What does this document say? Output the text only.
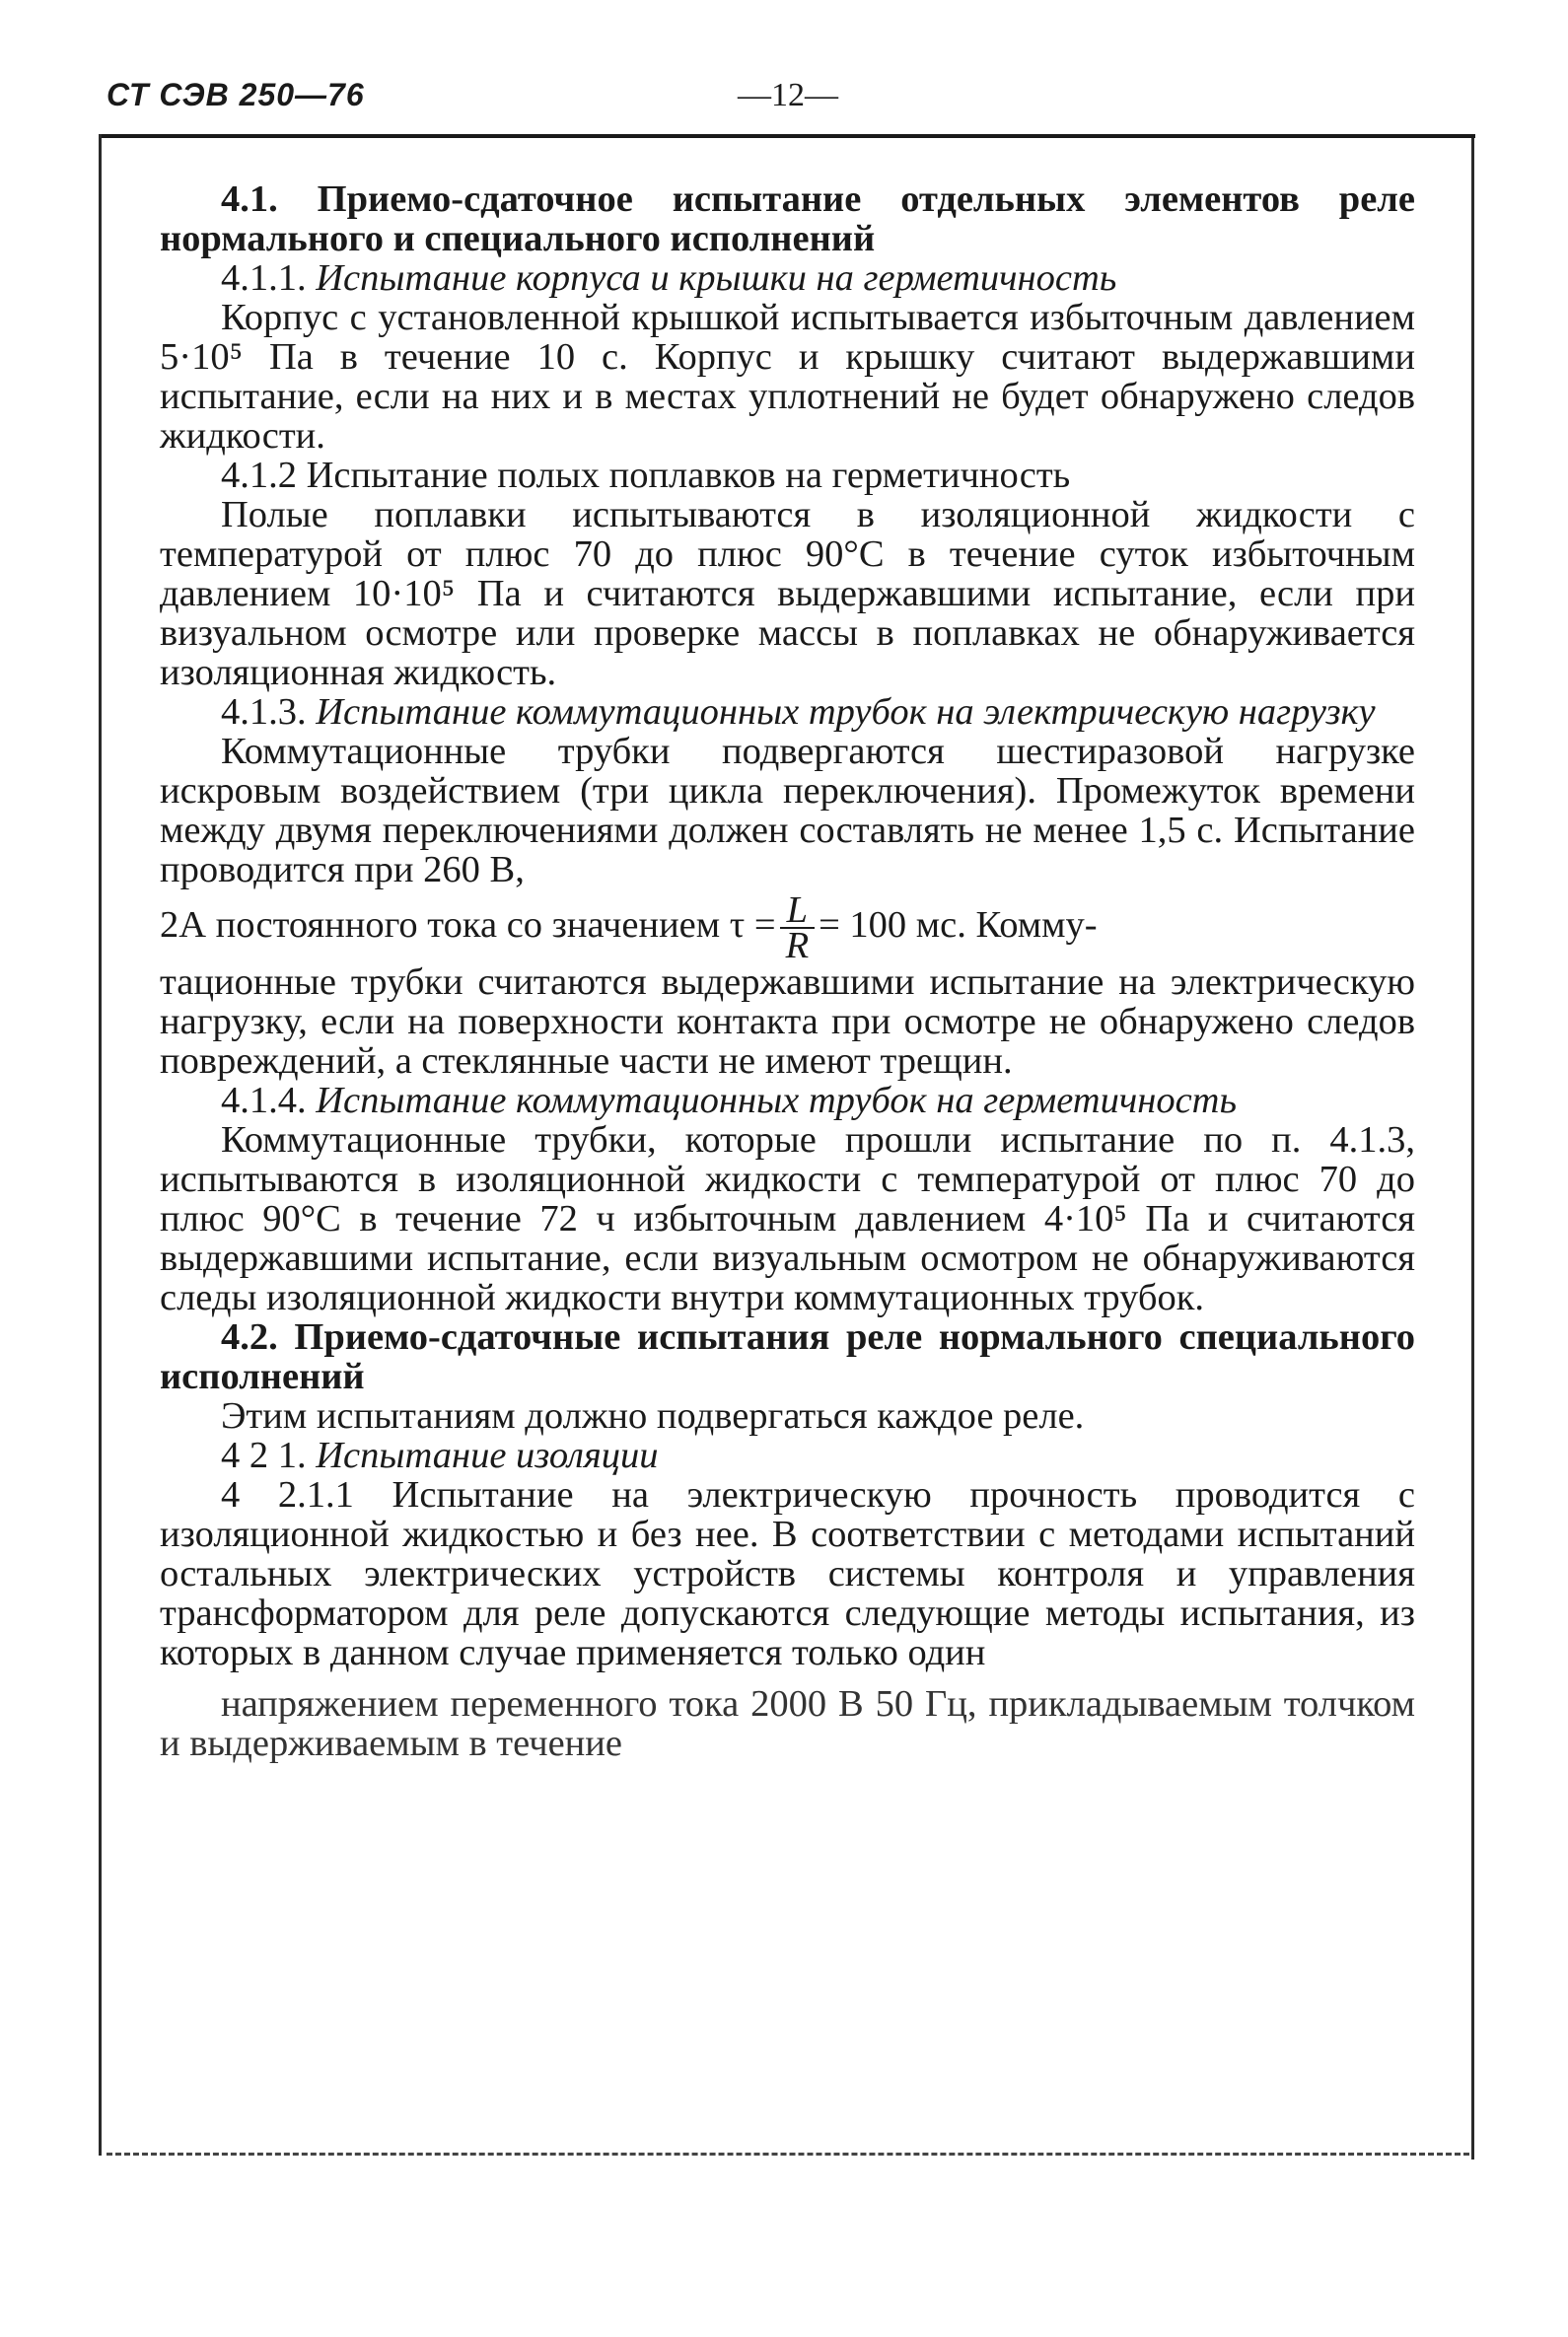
СТ СЭВ 250—76	—12—

4.1. Приемо-сдаточное испытание отдельных элементов реле нормального и специального исполнений

4.1.1. Испытание корпуса и крышки на герметичность

Корпус с установленной крышкой испытывается избыточным давлением 5·10⁵ Па в течение 10 с. Корпус и крышку считают выдержавшими испытание, если на них и в местах уплотнений не будет обнаружено следов жидкости.

4.1.2 Испытание полых поплавков на герметичность

Полые поплавки испытываются в изоляционной жидкости с температурой от плюс 70 до плюс 90°С в течение суток избыточным давлением 10·10⁵ Па и считаются выдержавшими испытание, если при визуальном осмотре или проверке массы в поплавках не обнаруживается изоляционная жидкость.

4.1.3. Испытание коммутационных трубок на электрическую нагрузку

Коммутационные трубки подвергаются шестиразовой нагрузке искровым воздействием (три цикла переключения). Промежуток времени между двумя переключениями должен составлять не менее 1,5 с. Испытание проводится при 260 В,

2А постоянного тока со значением $\tau = \frac{L}{R} = 100$ мс. Комму-

тационные трубки считаются выдержавшими испытание на электрическую нагрузку, если на поверхности контакта при осмотре не обнаружено следов повреждений, а стеклянные части не имеют трещин.

4.1.4. Испытание коммутационных трубок на герметичность

Коммутационные трубки, которые прошли испытание по п. 4.1.3, испытываются в изоляционной жидкости с температурой от плюс 70 до плюс 90°С в течение 72 ч избыточным давлением 4·10⁵ Па и считаются выдержавшими испытание, если визуальным осмотром не обнаруживаются следы изоляционной жидкости внутри коммутационных трубок.

4.2. Приемо-сдаточные испытания реле нормального специального исполнений

Этим испытаниям должно подвергаться каждое реле.

4 2 1. Испытание изоляции

4 2.1.1 Испытание на электрическую прочность проводится с изоляционной жидкостью и без нее. В соответствии с методами испытаний остальных электрических устройств системы контроля и управления трансформатором для реле допускаются следующие методы испытания, из которых в данном случае применяется только один

напряжением переменного тока 2000 В 50 Гц, прикладываемым толчком и выдерживаемым в течение
